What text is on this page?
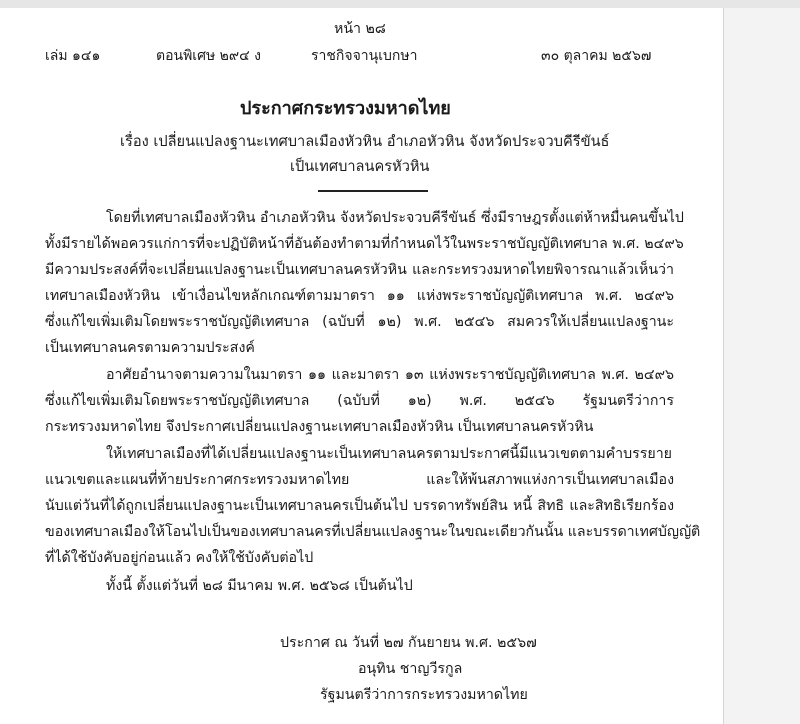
หน้า ๒๘
เล่ม ๑๔๑	ตอนพิเศษ ๒๙๔ ง	ราชกิจจานุเบกษา	๓๐ ตุลาคม ๒๕๖๗
ประกาศกระทรวงมหาดไทย
เรื่อง เปลี่ยนแปลงฐานะเทศบาลเมืองหัวหิน อำเภอหัวหิน จังหวัดประจวบคีรีขันธ์
เป็นเทศบาลนครหัวหิน
โดยที่เทศบาลเมืองหัวหิน อำเภอหัวหิน จังหวัดประจวบคีรีขันธ์ ซึ่งมีราษฎรตั้งแต่ห้าหมื่นคนขึ้นไป
ทั้งมีรายได้พอควรแก่การที่จะปฏิบัติหน้าที่อันต้องทำตามที่กำหนดไว้ในพระราชบัญญัติเทศบาล พ.ศ. ๒๔๙๖
มีความประสงค์ที่จะเปลี่ยนแปลงฐานะเป็นเทศบาลนครหัวหิน และกระทรวงมหาดไทยพิจารณาแล้วเห็นว่า
เทศบาลเมืองหัวหิน เข้าเงื่อนไขหลักเกณฑ์ตามมาตรา ๑๑ แห่งพระราชบัญญัติเทศบาล พ.ศ. ๒๔๙๖
ซึ่งแก้ไขเพิ่มเติมโดยพระราชบัญญัติเทศบาล (ฉบับที่ ๑๒) พ.ศ. ๒๕๔๖ สมควรให้เปลี่ยนแปลงฐานะ
เป็นเทศบาลนครตามความประสงค์
อาศัยอำนาจตามความในมาตรา ๑๑ และมาตรา ๑๓ แห่งพระราชบัญญัติเทศบาล พ.ศ. ๒๔๙๖
ซึ่งแก้ไขเพิ่มเติมโดยพระราชบัญญัติเทศบาล (ฉบับที่ ๑๒) พ.ศ. ๒๕๔๖ รัฐมนตรีว่าการ
กระทรวงมหาดไทย จึงประกาศเปลี่ยนแปลงฐานะเทศบาลเมืองหัวหิน เป็นเทศบาลนครหัวหิน
ให้เทศบาลเมืองที่ได้เปลี่ยนแปลงฐานะเป็นเทศบาลนครตามประกาศนี้มีแนวเขตตามคำบรรยาย
แนวเขตและแผนที่ท้ายประกาศกระทรวงมหาดไทย และให้พ้นสภาพแห่งการเป็นเทศบาลเมือง
นับแต่วันที่ได้ถูกเปลี่ยนแปลงฐานะเป็นเทศบาลนครเป็นต้นไป บรรดาทรัพย์สิน หนี้ สิทธิ และสิทธิเรียกร้อง
ของเทศบาลเมืองให้โอนไปเป็นของเทศบาลนครที่เปลี่ยนแปลงฐานะในขณะเดียวกันนั้น และบรรดาเทศบัญญัติ
ที่ได้ใช้บังคับอยู่ก่อนแล้ว คงให้ใช้บังคับต่อไป
ทั้งนี้ ตั้งแต่วันที่ ๒๘ มีนาคม พ.ศ. ๒๕๖๘ เป็นต้นไป
ประกาศ ณ วันที่ ๒๗ กันยายน พ.ศ. ๒๕๖๗
อนุทิน ชาญวีรกูล
รัฐมนตรีว่าการกระทรวงมหาดไทย
